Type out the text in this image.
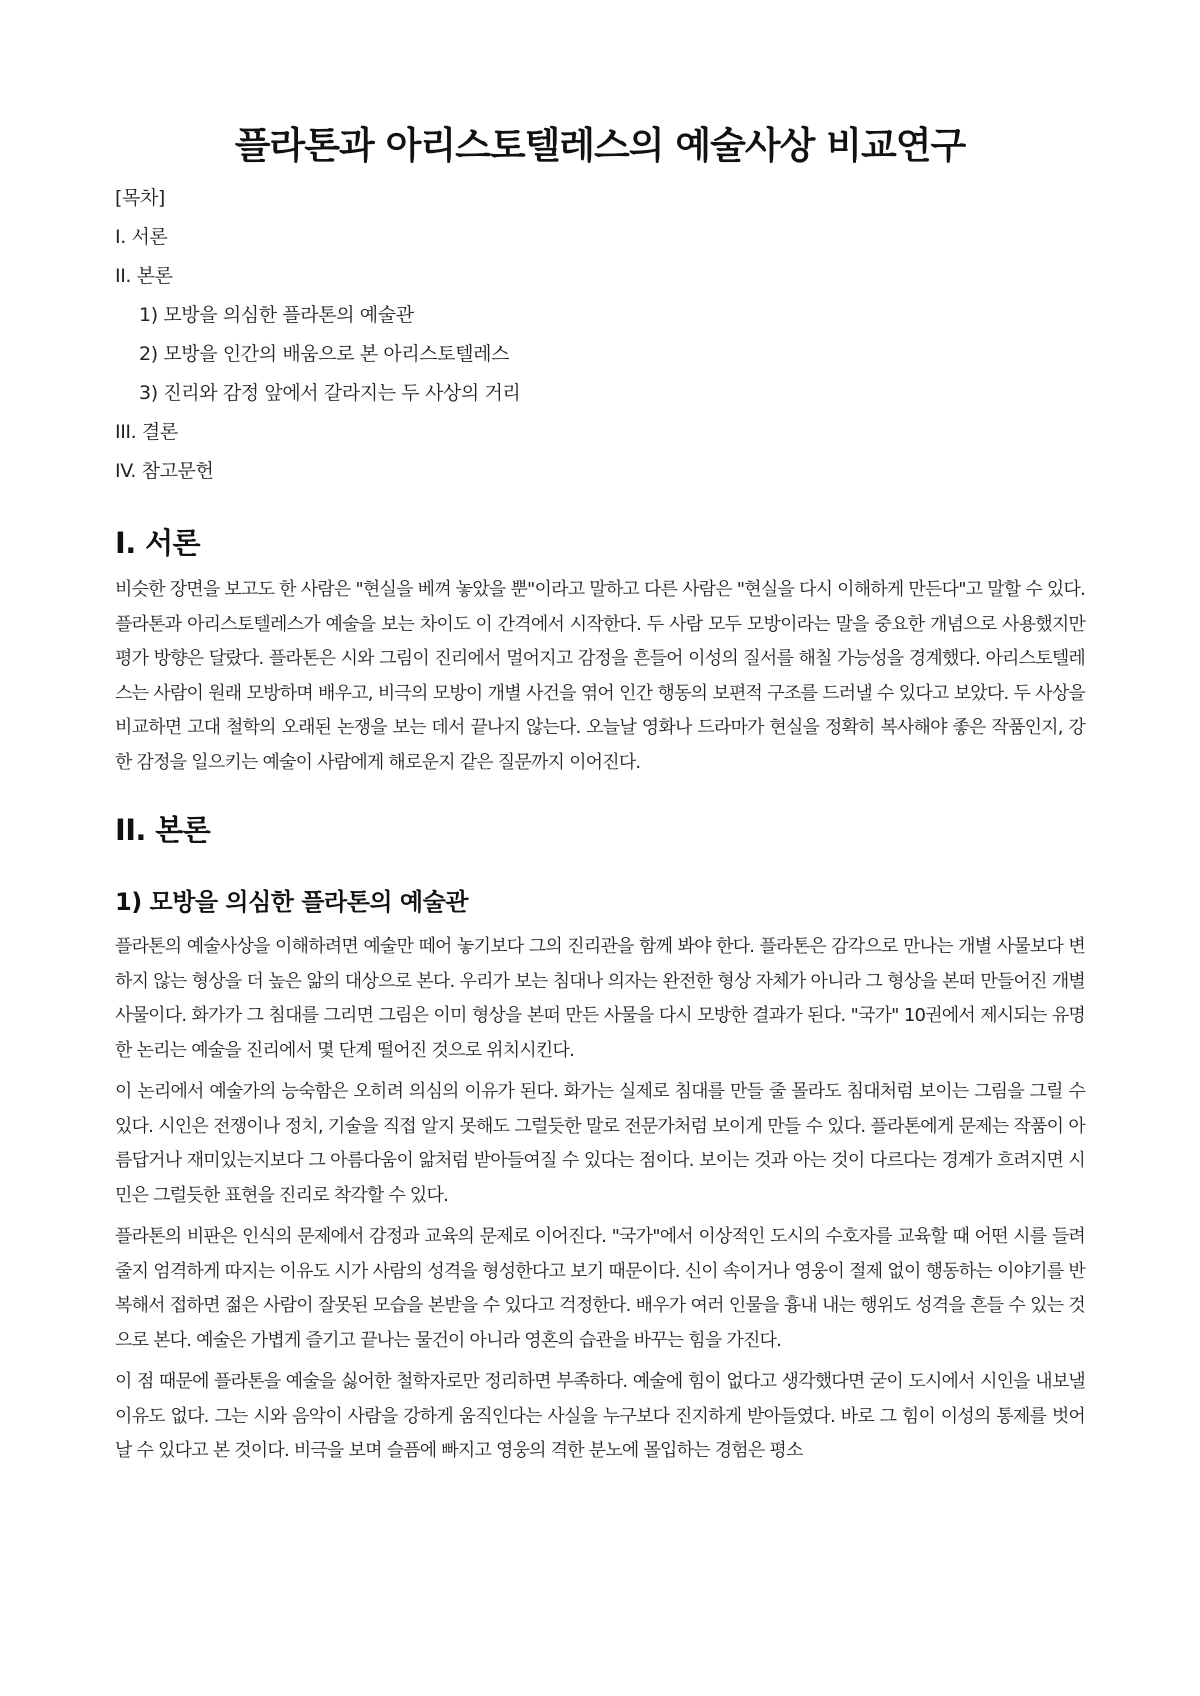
플라톤과 아리스토텔레스의 예술사상 비교연구
[목차]
I. 서론
II. 본론
1) 모방을 의심한 플라톤의 예술관
2) 모방을 인간의 배움으로 본 아리스토텔레스
3) 진리와 감정 앞에서 갈라지는 두 사상의 거리
III. 결론
IV. 참고문헌
I. 서론

비슷한 장면을 보고도 한 사람은 "현실을 베껴 놓았을 뿐"이라고 말하고 다른 사람은 "현실을 다시 이해하게 만든다"고 말할 수 있다. 플라톤과 아리스토텔레스가 예술을 보는 차이도 이 간격에서 시작한다. 두 사람 모두 모방이라는 말을 중요한 개념으로 사용했지만 평가 방향은 달랐다. 플라톤은 시와 그림이 진리에서 멀어지고 감정을 흔들어 이성의 질서를 해칠 가능성을 경계했다. 아리스토텔레스는 사람이 원래 모방하며 배우고, 비극의 모방이 개별 사건을 엮어 인간 행동의 보편적 구조를 드러낼 수 있다고 보았다. 두 사상을 비교하면 고대 철학의 오래된 논쟁을 보는 데서 끝나지 않는다. 오늘날 영화나 드라마가 현실을 정확히 복사해야 좋은 작품인지, 강한 감정을 일으키는 예술이 사람에게 해로운지 같은 질문까지 이어진다.

II. 본론
1) 모방을 의심한 플라톤의 예술관

플라톤의 예술사상을 이해하려면 예술만 떼어 놓기보다 그의 진리관을 함께 봐야 한다. 플라톤은 감각으로 만나는 개별 사물보다 변하지 않는 형상을 더 높은 앎의 대상으로 본다. 우리가 보는 침대나 의자는 완전한 형상 자체가 아니라 그 형상을 본떠 만들어진 개별 사물이다. 화가가 그 침대를 그리면 그림은 이미 형상을 본떠 만든 사물을 다시 모방한 결과가 된다. "국가" 10권에서 제시되는 유명한 논리는 예술을 진리에서 몇 단계 떨어진 것으로 위치시킨다.

이 논리에서 예술가의 능숙함은 오히려 의심의 이유가 된다. 화가는 실제로 침대를 만들 줄 몰라도 침대처럼 보이는 그림을 그릴 수 있다. 시인은 전쟁이나 정치, 기술을 직접 알지 못해도 그럴듯한 말로 전문가처럼 보이게 만들 수 있다. 플라톤에게 문제는 작품이 아름답거나 재미있는지보다 그 아름다움이 앎처럼 받아들여질 수 있다는 점이다. 보이는 것과 아는 것이 다르다는 경계가 흐려지면 시민은 그럴듯한 표현을 진리로 착각할 수 있다.

플라톤의 비판은 인식의 문제에서 감정과 교육의 문제로 이어진다. "국가"에서 이상적인 도시의 수호자를 교육할 때 어떤 시를 들려줄지 엄격하게 따지는 이유도 시가 사람의 성격을 형성한다고 보기 때문이다. 신이 속이거나 영웅이 절제 없이 행동하는 이야기를 반복해서 접하면 젊은 사람이 잘못된 모습을 본받을 수 있다고 걱정한다. 배우가 여러 인물을 흉내 내는 행위도 성격을 흔들 수 있는 것으로 본다. 예술은 가볍게 즐기고 끝나는 물건이 아니라 영혼의 습관을 바꾸는 힘을 가진다.

이 점 때문에 플라톤을 예술을 싫어한 철학자로만 정리하면 부족하다. 예술에 힘이 없다고 생각했다면 굳이 도시에서 시인을 내보낼 이유도 없다. 그는 시와 음악이 사람을 강하게 움직인다는 사실을 누구보다 진지하게 받아들였다. 바로 그 힘이 이성의 통제를 벗어날 수 있다고 본 것이다. 비극을 보며 슬픔에 빠지고 영웅의 격한 분노에 몰입하는 경험은 평소
